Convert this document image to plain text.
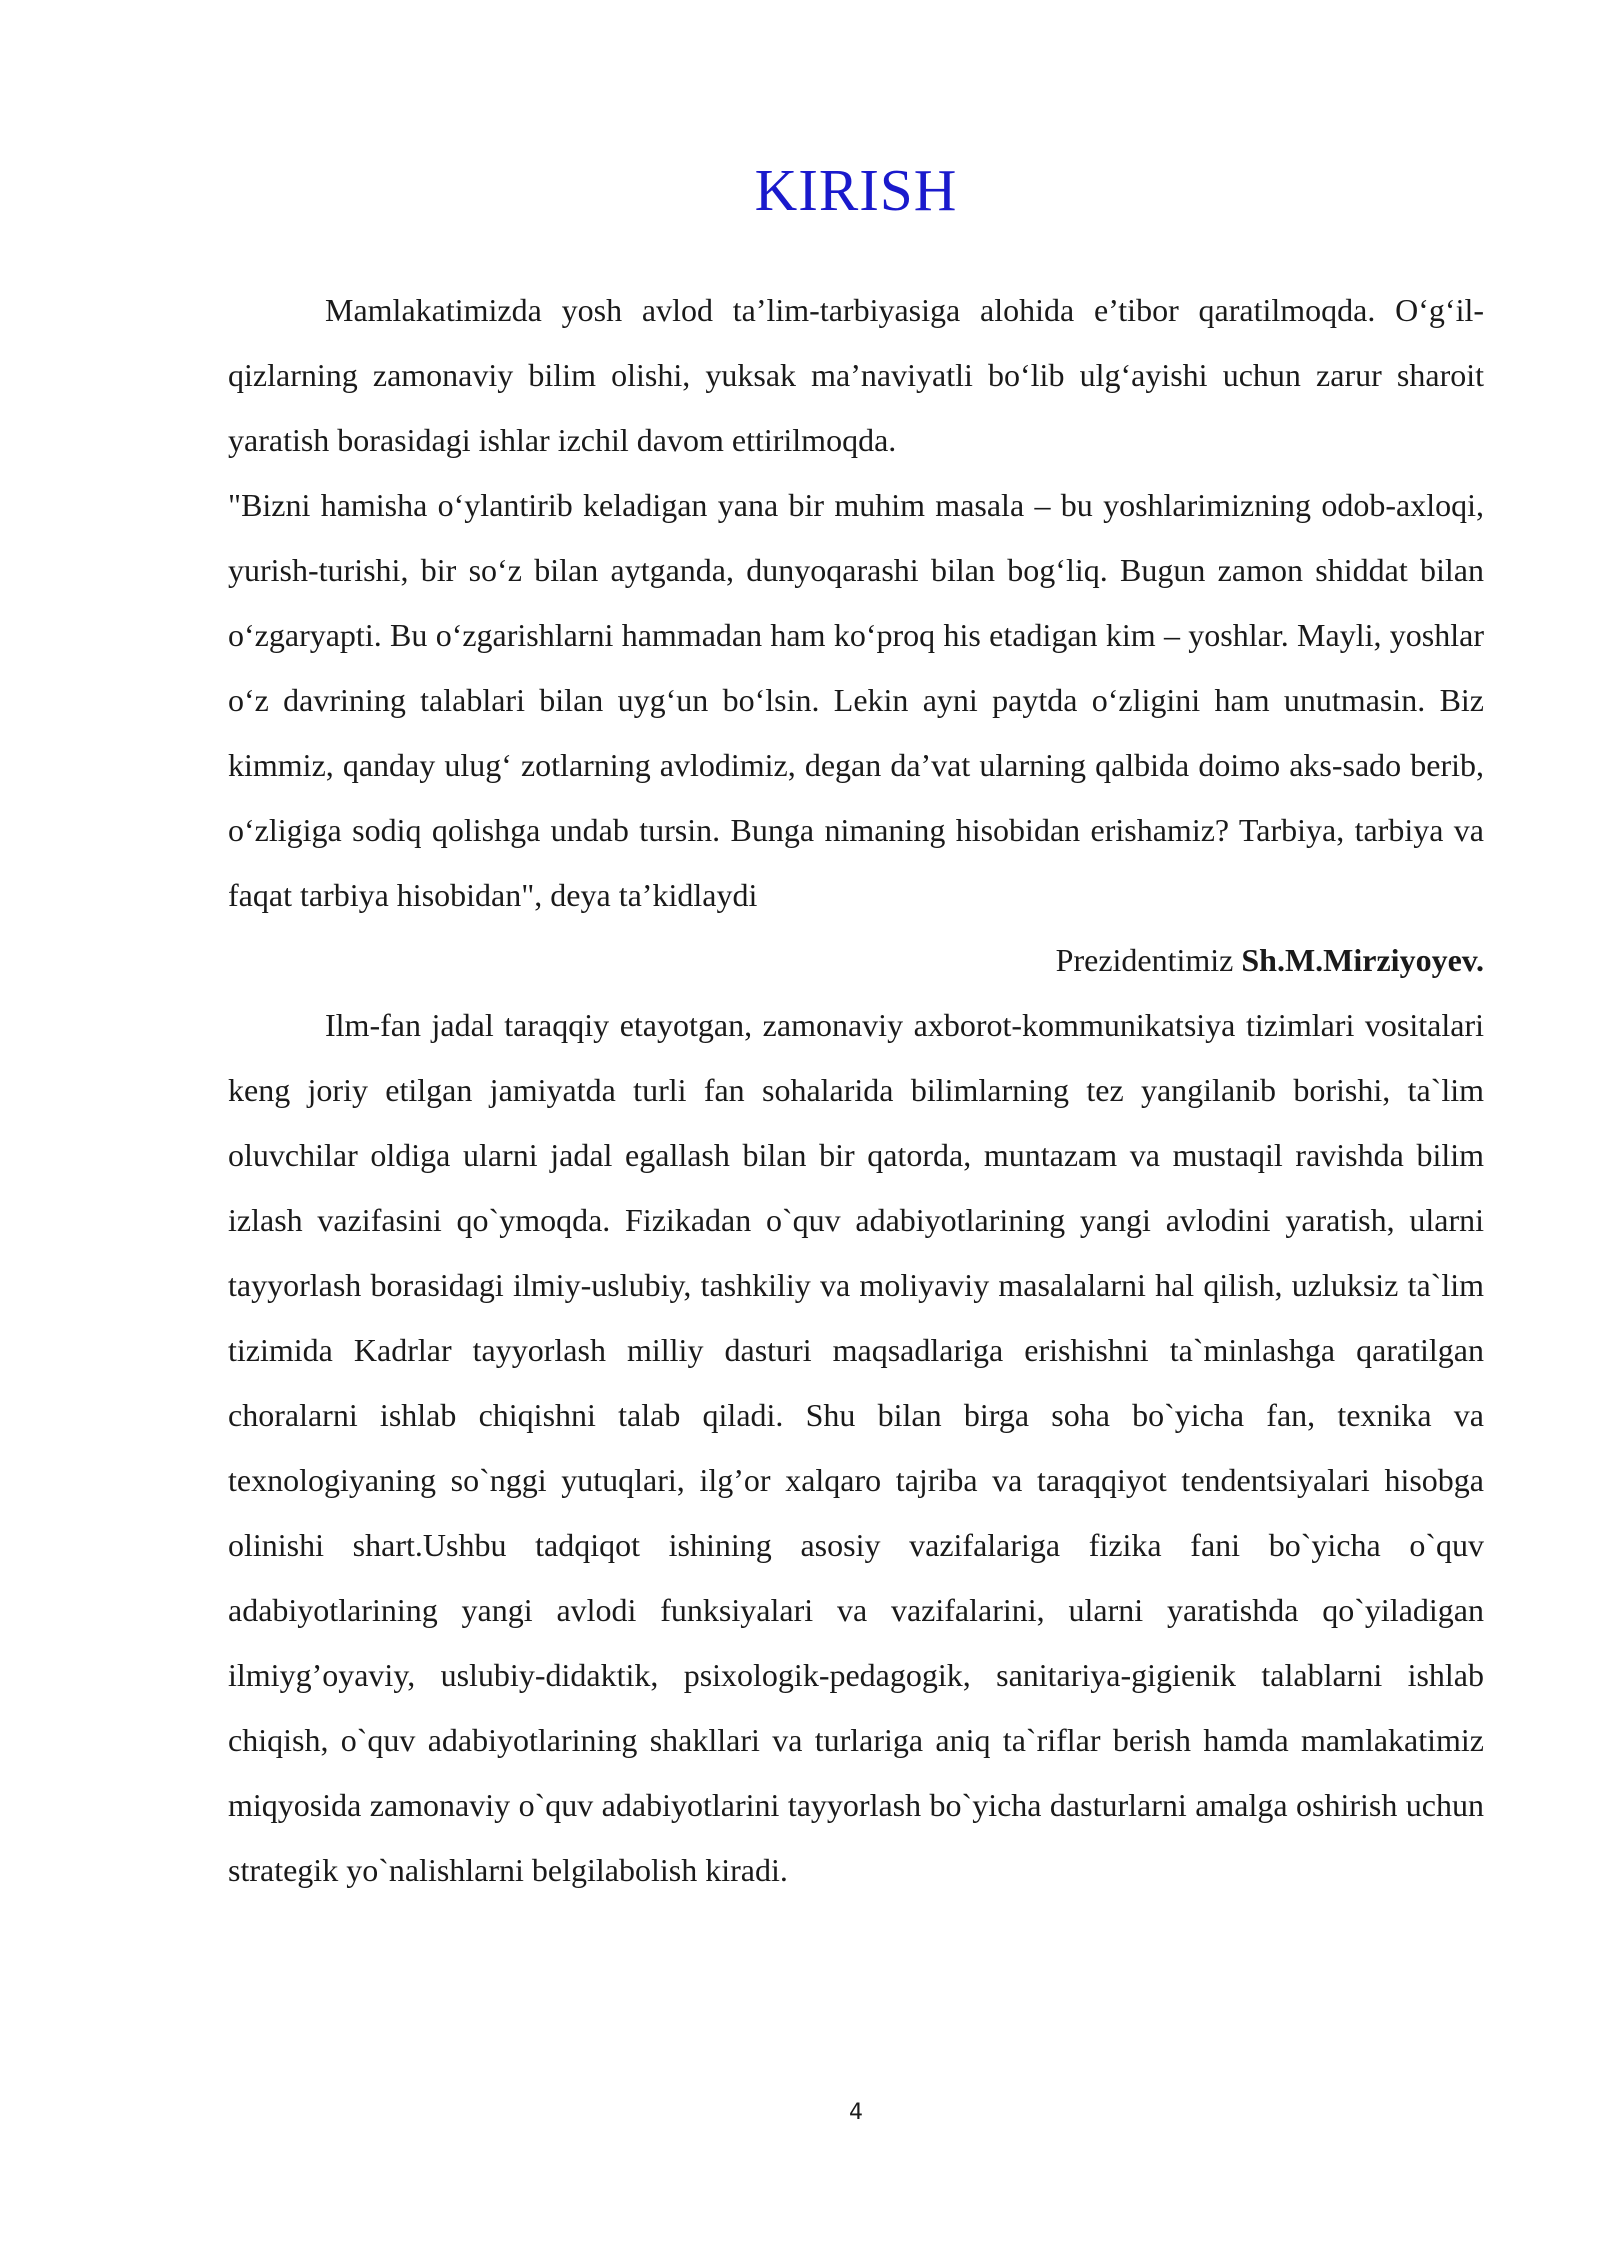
KIRISH

Mamlakatimizda yosh avlod ta’lim-tarbiyasiga alohida e’tibor qaratilmoqda. O‘g‘il-qizlarning zamonaviy bilim olishi, yuksak ma’naviyatli bo‘lib ulg‘ayishi uchun zarur sharoit yaratish borasidagi ishlar izchil davom ettirilmoqda.

"Bizni hamisha o‘ylantirib keladigan yana bir muhim masala – bu yoshlarimizning odob-axloqi, yurish-turishi, bir so‘z bilan aytganda, dunyoqarashi bilan bog‘liq. Bugun zamon shiddat bilan o‘zgaryapti. Bu o‘zgarishlarni hammadan ham ko‘proq his etadigan kim – yoshlar. Mayli, yoshlar o‘z davrining talablari bilan uyg‘un bo‘lsin. Lekin ayni paytda o‘zligini ham unutmasin. Biz kimmiz, qanday ulug‘ zotlarning avlodimiz, degan da’vat ularning qalbida doimo aks-sado berib, o‘zligiga sodiq qolishga undab tursin. Bunga nimaning hisobidan erishamiz? Tarbiya, tarbiya va faqat tarbiya hisobidan", deya ta’kidlaydi

Prezidentimiz Sh.M.Mirziyoyev.

Ilm-fan jadal taraqqiy etayotgan, zamonaviy axborot-kommunikatsiya tizimlari vositalari keng joriy etilgan jamiyatda turli fan sohalarida bilimlarning tez yangilanib borishi, ta`lim oluvchilar oldiga ularni jadal egallash bilan bir qatorda, muntazam va mustaqil ravishda bilim izlash vazifasini qo`ymoqda. Fizikadan o`quv adabiyotlarining yangi avlodini yaratish, ularni tayyorlash borasidagi ilmiy-uslubiy, tashkiliy va moliyaviy masalalarni hal qilish, uzluksiz ta`lim tizimida Kadrlar tayyorlash milliy dasturi maqsadlariga erishishni ta`minlashga qaratilgan choralarni ishlab chiqishni talab qiladi. Shu bilan birga soha bo`yicha fan, texnika va texnologiyaning so`nggi yutuqlari, ilg’or xalqaro tajriba va taraqqiyot tendentsiyalari hisobga olinishi shart.Ushbu tadqiqot ishining asosiy vazifalariga fizika fani bo`yicha o`quv adabiyotlarining yangi avlodi funksiyalari va vazifalarini, ularni yaratishda qo`yiladigan ilmiyg’oyaviy, uslubiy-didaktik, psixologik-pedagogik, sanitariya-gigienik talablarni ishlab chiqish, o`quv adabiyotlarining shakllari va turlariga aniq ta`riflar berish hamda mamlakatimiz miqyosida zamonaviy o`quv adabiyotlarini tayyorlash bo`yicha dasturlarni amalga oshirish uchun strategik yo`nalishlarni belgilabolish kiradi.

4
